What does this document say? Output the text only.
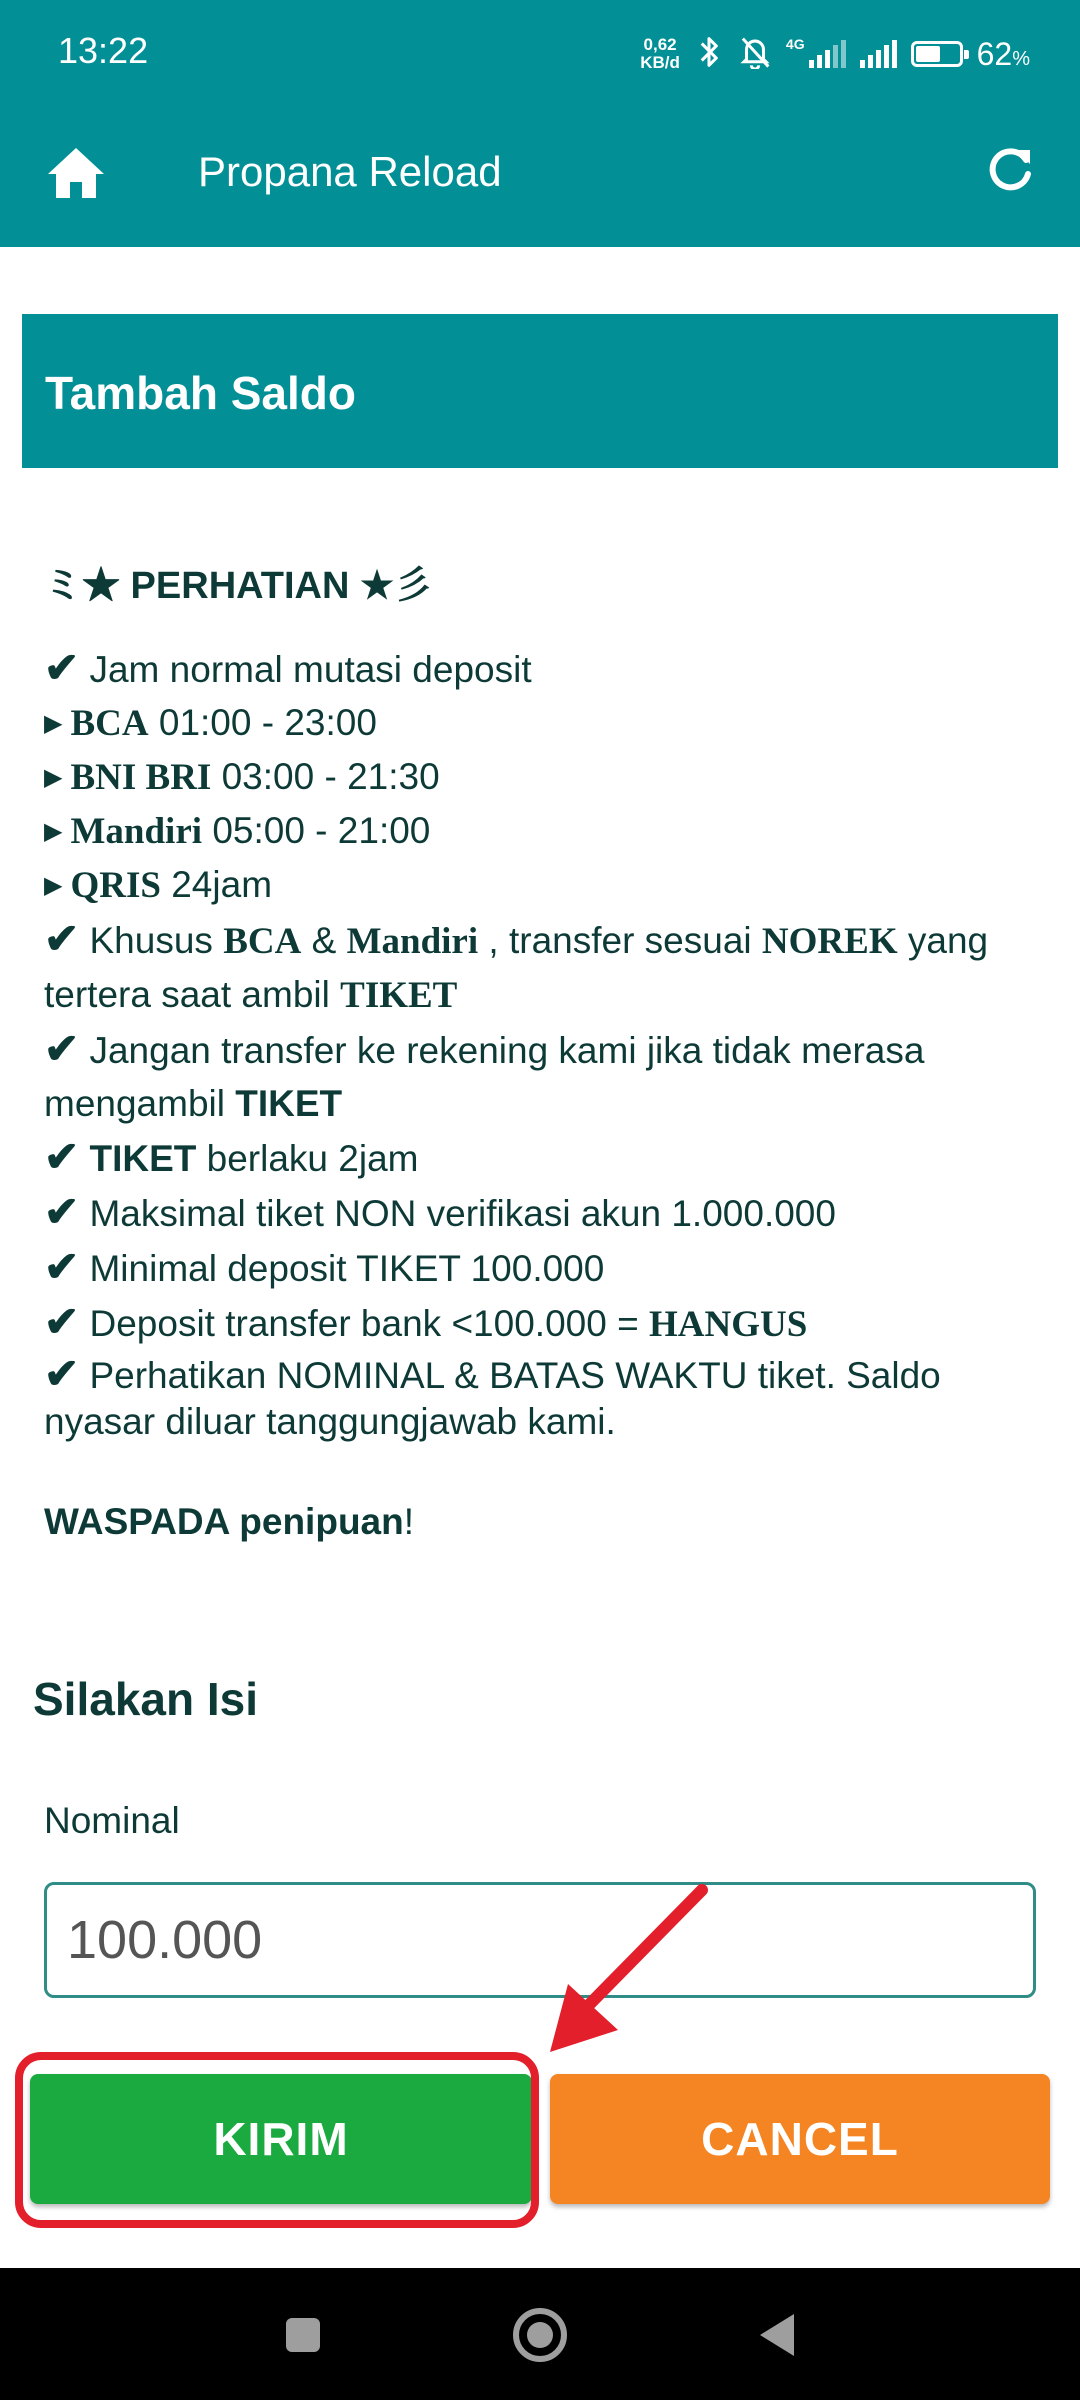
13:22	0,62
KB/d
4G	62%
Propana Reload
Tambah Saldo
ミ★ PERHATIAN ★彡
✔ Jam normal mutasi deposit
▶ BCA 01:00 - 23:00
▶ BNI BRI 03:00 - 21:30
▶ Mandiri 05:00 - 21:00
▶ QRIS 24jam
✔ Khusus BCA & Mandiri , transfer sesuai NOREK yang tertera saat ambil TIKET
✔ Jangan transfer ke rekening kami jika tidak merasa mengambil TIKET
✔ TIKET berlaku 2jam
✔ Maksimal tiket NON verifikasi akun 1.000.000
✔ Minimal deposit TIKET 100.000
✔ Deposit transfer bank <100.000 = HANGUS
✔ Perhatikan NOMINAL & BATAS WAKTU tiket. Saldo nyasar diluar tanggungjawab kami.
WASPADA penipuan!
Silakan Isi
Nominal
100.000
KIRIM	CANCEL
